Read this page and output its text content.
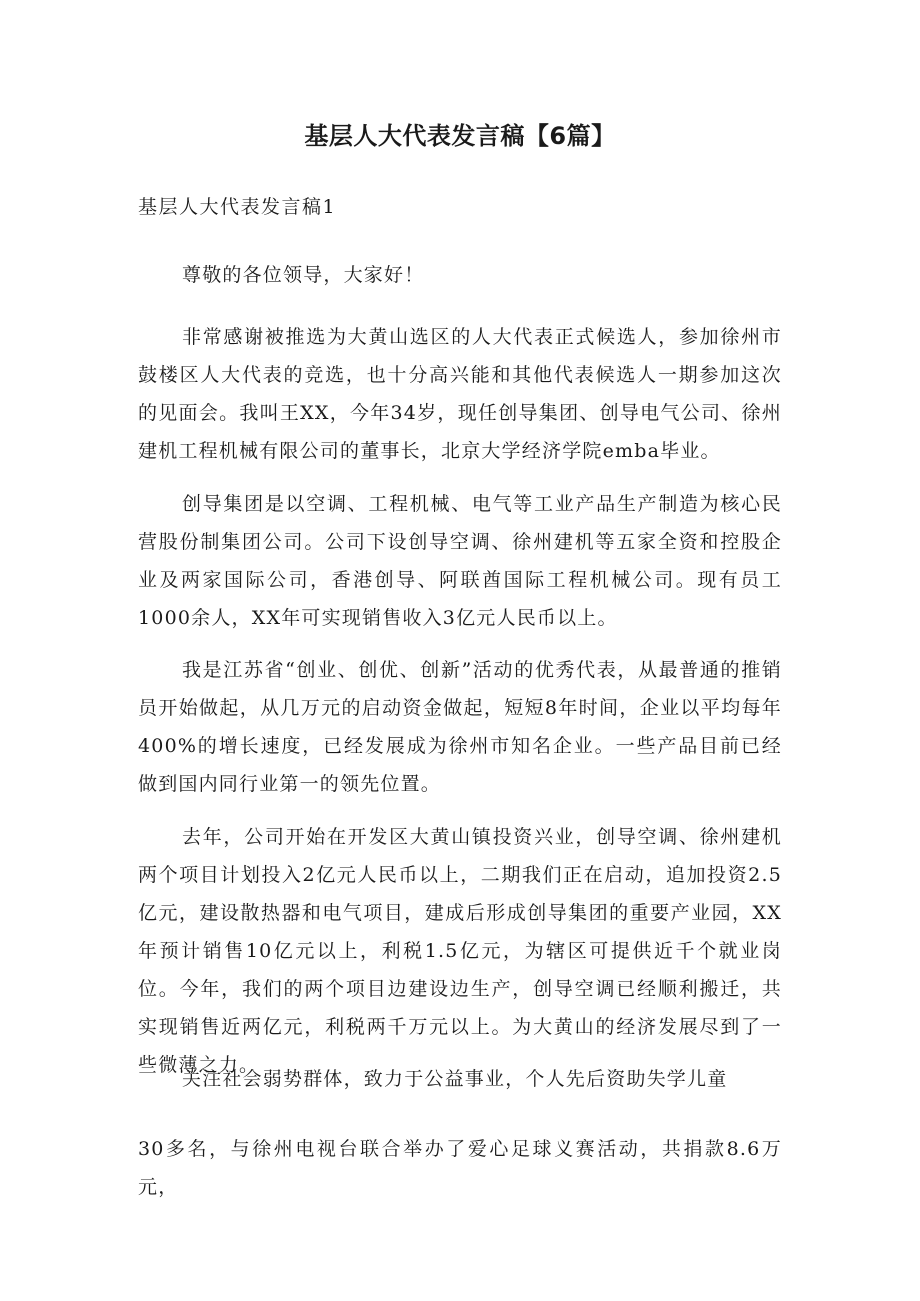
基层人大代表发言稿【6篇】

基层人大代表发言稿1

尊敬的各位领导，大家好！

非常感谢被推选为大黄山选区的人大代表正式候选人，参加徐州市鼓楼区人大代表的竞选，也十分高兴能和其他代表候选人一期参加这次的见面会。我叫王XX，今年34岁，现任创导集团、创导电气公司、徐州建机工程机械有限公司的董事长，北京大学经济学院emba毕业。

创导集团是以空调、工程机械、电气等工业产品生产制造为核心民营股份制集团公司。公司下设创导空调、徐州建机等五家全资和控股企业及两家国际公司，香港创导、阿联酋国际工程机械公司。现有员工1000余人，XX年可实现销售收入3亿元人民币以上。

我是江苏省“创业、创优、创新”活动的优秀代表，从最普通的推销员开始做起，从几万元的启动资金做起，短短8年时间，企业以平均每年400%的增长速度，已经发展成为徐州市知名企业。一些产品目前已经做到国内同行业第一的领先位置。

去年，公司开始在开发区大黄山镇投资兴业，创导空调、徐州建机两个项目计划投入2亿元人民币以上，二期我们正在启动，追加投资2.5亿元，建设散热器和电气项目，建成后形成创导集团的重要产业园，XX年预计销售10亿元以上，利税1.5亿元，为辖区可提供近千个就业岗位。今年，我们的两个项目边建设边生产，创导空调已经顺利搬迁，共实现销售近两亿元，利税两千万元以上。为大黄山的经济发展尽到了一些微薄之力。

关注社会弱势群体，致力于公益事业，个人先后资助失学儿童

30多名，与徐州电视台联合举办了爱心足球义赛活动，共捐款8.6万元，
